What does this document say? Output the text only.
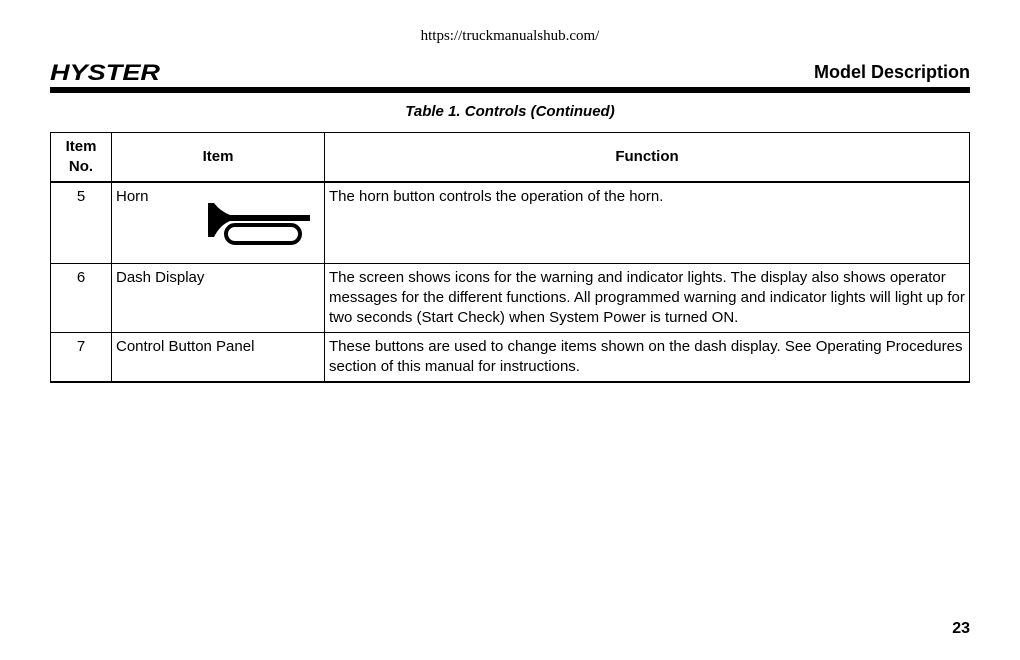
https://truckmanualshub.com/
HYSTER	Model Description
Table 1. Controls (Continued)
Item No.	Item	Function
5	Horn	The horn button controls the operation of the horn.
6	Dash Display	The screen shows icons for the warning and indicator lights. The display also shows operator messages for the different functions. All programmed warning and indicator lights will light up for two seconds (Start Check) when System Power is turned ON.
7	Control Button Panel	These buttons are used to change items shown on the dash display. See Operating Procedures section of this manual for instructions.
23
